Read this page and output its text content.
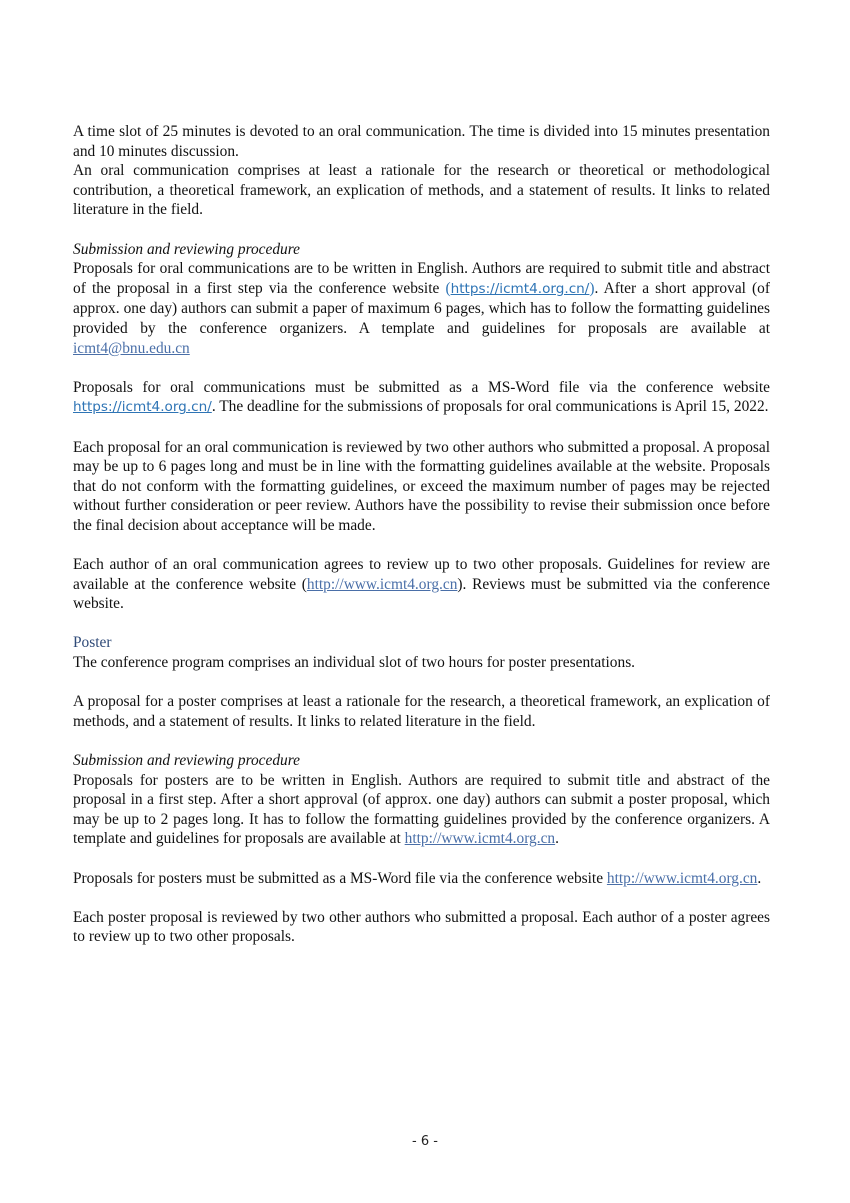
A time slot of 25 minutes is devoted to an oral communication. The time is divided into 15 minutes presentation and 10 minutes discussion.

An oral communication comprises at least a rationale for the research or theoretical or methodological contribution, a theoretical framework, an explication of methods, and a statement of results. It links to related literature in the field.

Submission and reviewing procedure

Proposals for oral communications are to be written in English. Authors are required to submit title and abstract of the proposal in a first step via the conference website (https://icmt4.org.cn/). After a short approval (of approx. one day) authors can submit a paper of maximum 6 pages, which has to follow the formatting guidelines provided by the conference organizers. A template and guidelines for proposals are available at icmt4@bnu.edu.cn

Proposals for oral communications must be submitted as a MS-Word file via the conference website https://icmt4.org.cn/. The deadline for the submissions of proposals for oral communications is April 15, 2022.

Each proposal for an oral communication is reviewed by two other authors who submitted a proposal. A proposal may be up to 6 pages long and must be in line with the formatting guidelines available at the website. Proposals that do not conform with the formatting guidelines, or exceed the maximum number of pages may be rejected without further consideration or peer review. Authors have the possibility to revise their submission once before the final decision about acceptance will be made.

Each author of an oral communication agrees to review up to two other proposals. Guidelines for review are available at the conference website (http://www.icmt4.org.cn). Reviews must be submitted via the conference website.

Poster

The conference program comprises an individual slot of two hours for poster presentations.

A proposal for a poster comprises at least a rationale for the research, a theoretical framework, an explication of methods, and a statement of results. It links to related literature in the field.

Submission and reviewing procedure

Proposals for posters are to be written in English. Authors are required to submit title and abstract of the proposal in a first step. After a short approval (of approx. one day) authors can submit a poster proposal, which may be up to 2 pages long. It has to follow the formatting guidelines provided by the conference organizers. A template and guidelines for proposals are available at http://www.icmt4.org.cn.

Proposals for posters must be submitted as a MS-Word file via the conference website http://www.icmt4.org.cn.

Each poster proposal is reviewed by two other authors who submitted a proposal. Each author of a poster agrees to review up to two other proposals.

- 6 -
